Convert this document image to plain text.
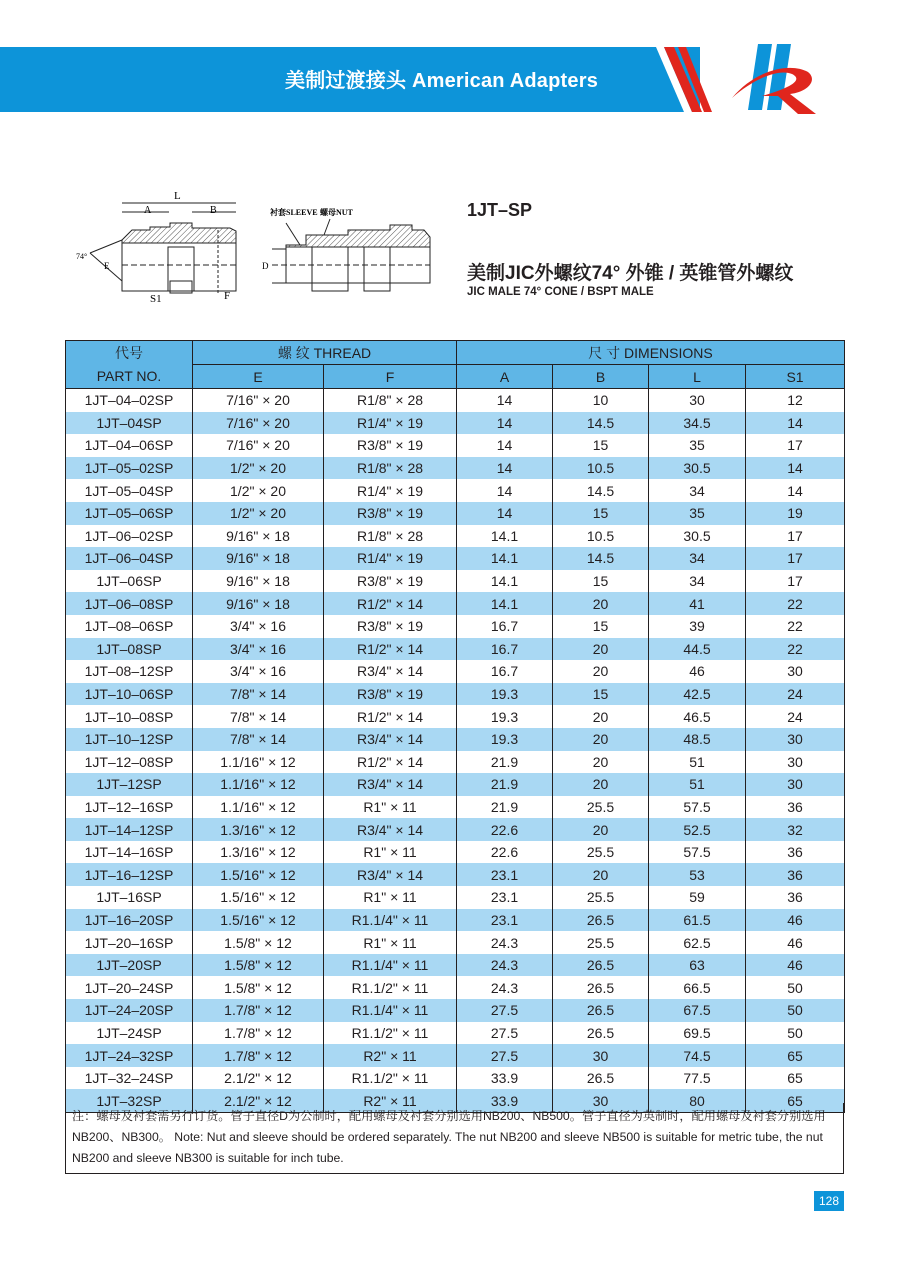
美制过渡接头 American Adapters
L
A	B
E
S1	F
74°
衬套SLEEVE 螺母NUT
D
1JT–SP
美制JIC外螺纹74° 外锥 / 英锥管外螺纹
JIC MALE 74° CONE / BSPT MALE
代号	螺 纹 THREAD		尺 寸 DIMENSIONS			
PART NO.	E	F	A	B	L	S1
1JT–04–02SP	7/16" × 20	R1/8" × 28	14	10	30	12
1JT–04SP	7/16" × 20	R1/4" × 19	14	14.5	34.5	14
1JT–04–06SP	7/16" × 20	R3/8" × 19	14	15	35	17
1JT–05–02SP	1/2" × 20	R1/8" × 28	14	10.5	30.5	14
1JT–05–04SP	1/2" × 20	R1/4" × 19	14	14.5	34	14
1JT–05–06SP	1/2" × 20	R3/8" × 19	14	15	35	19
1JT–06–02SP	9/16" × 18	R1/8" × 28	14.1	10.5	30.5	17
1JT–06–04SP	9/16" × 18	R1/4" × 19	14.1	14.5	34	17
1JT–06SP	9/16" × 18	R3/8" × 19	14.1	15	34	17
1JT–06–08SP	9/16" × 18	R1/2" × 14	14.1	20	41	22
1JT–08–06SP	3/4" × 16	R3/8" × 19	16.7	15	39	22
1JT–08SP	3/4" × 16	R1/2" × 14	16.7	20	44.5	22
1JT–08–12SP	3/4" × 16	R3/4" × 14	16.7	20	46	30
1JT–10–06SP	7/8" × 14	R3/8" × 19	19.3	15	42.5	24
1JT–10–08SP	7/8" × 14	R1/2" × 14	19.3	20	46.5	24
1JT–10–12SP	7/8" × 14	R3/4" × 14	19.3	20	48.5	30
1JT–12–08SP	1.1/16" × 12	R1/2" × 14	21.9	20	51	30
1JT–12SP	1.1/16" × 12	R3/4" × 14	21.9	20	51	30
1JT–12–16SP	1.1/16" × 12	R1" × 11	21.9	25.5	57.5	36
1JT–14–12SP	1.3/16" × 12	R3/4" × 14	22.6	20	52.5	32
1JT–14–16SP	1.3/16" × 12	R1" × 11	22.6	25.5	57.5	36
1JT–16–12SP	1.5/16" × 12	R3/4" × 14	23.1	20	53	36
1JT–16SP	1.5/16" × 12	R1" × 11	23.1	25.5	59	36
1JT–16–20SP	1.5/16" × 12	R1.1/4" × 11	23.1	26.5	61.5	46
1JT–20–16SP	1.5/8" × 12	R1" × 11	24.3	25.5	62.5	46
1JT–20SP	1.5/8" × 12	R1.1/4" × 11	24.3	26.5	63	46
1JT–20–24SP	1.5/8" × 12	R1.1/2" × 11	24.3	26.5	66.5	50
1JT–24–20SP	1.7/8" × 12	R1.1/4" × 11	27.5	26.5	67.5	50
1JT–24SP	1.7/8" × 12	R1.1/2" × 11	27.5	26.5	69.5	50
1JT–24–32SP	1.7/8" × 12	R2" × 11	27.5	30	74.5	65
1JT–32–24SP	2.1/2" × 12	R1.1/2" × 11	33.9	26.5	77.5	65
1JT–32SP	2.1/2" × 12	R2" × 11	33.9	30	80	65
注：螺母及衬套需另行订货。管子直径D为公制时，配用螺母及衬套分别选用NB200、NB500。管子直径为英制时，配用螺母及衬套分别选用NB200、NB300。 Note: Nut and sleeve should be ordered separately. The nut NB200 and sleeve NB500 is suitable for metric tube, the nut NB200 and sleeve NB300 is suitable for inch tube.
128
